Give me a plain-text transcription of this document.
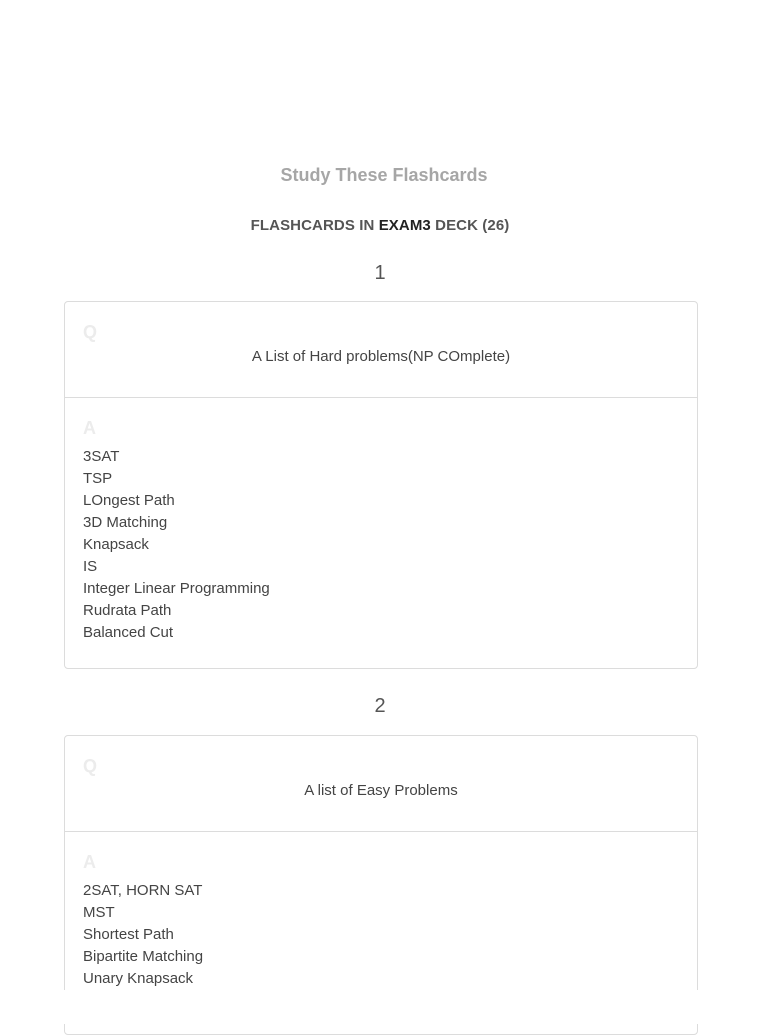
Study These Flashcards
FLASHCARDS IN EXAM3 DECK (26)
1
Q
A List of Hard problems(NP COmplete)
A
3SAT
TSP
LOngest Path
3D Matching
Knapsack
IS
Integer Linear Programming
Rudrata Path
Balanced Cut
2
Q
A list of Easy Problems
A
2SAT, HORN SAT
MST
Shortest Path
Bipartite Matching
Unary Knapsack
